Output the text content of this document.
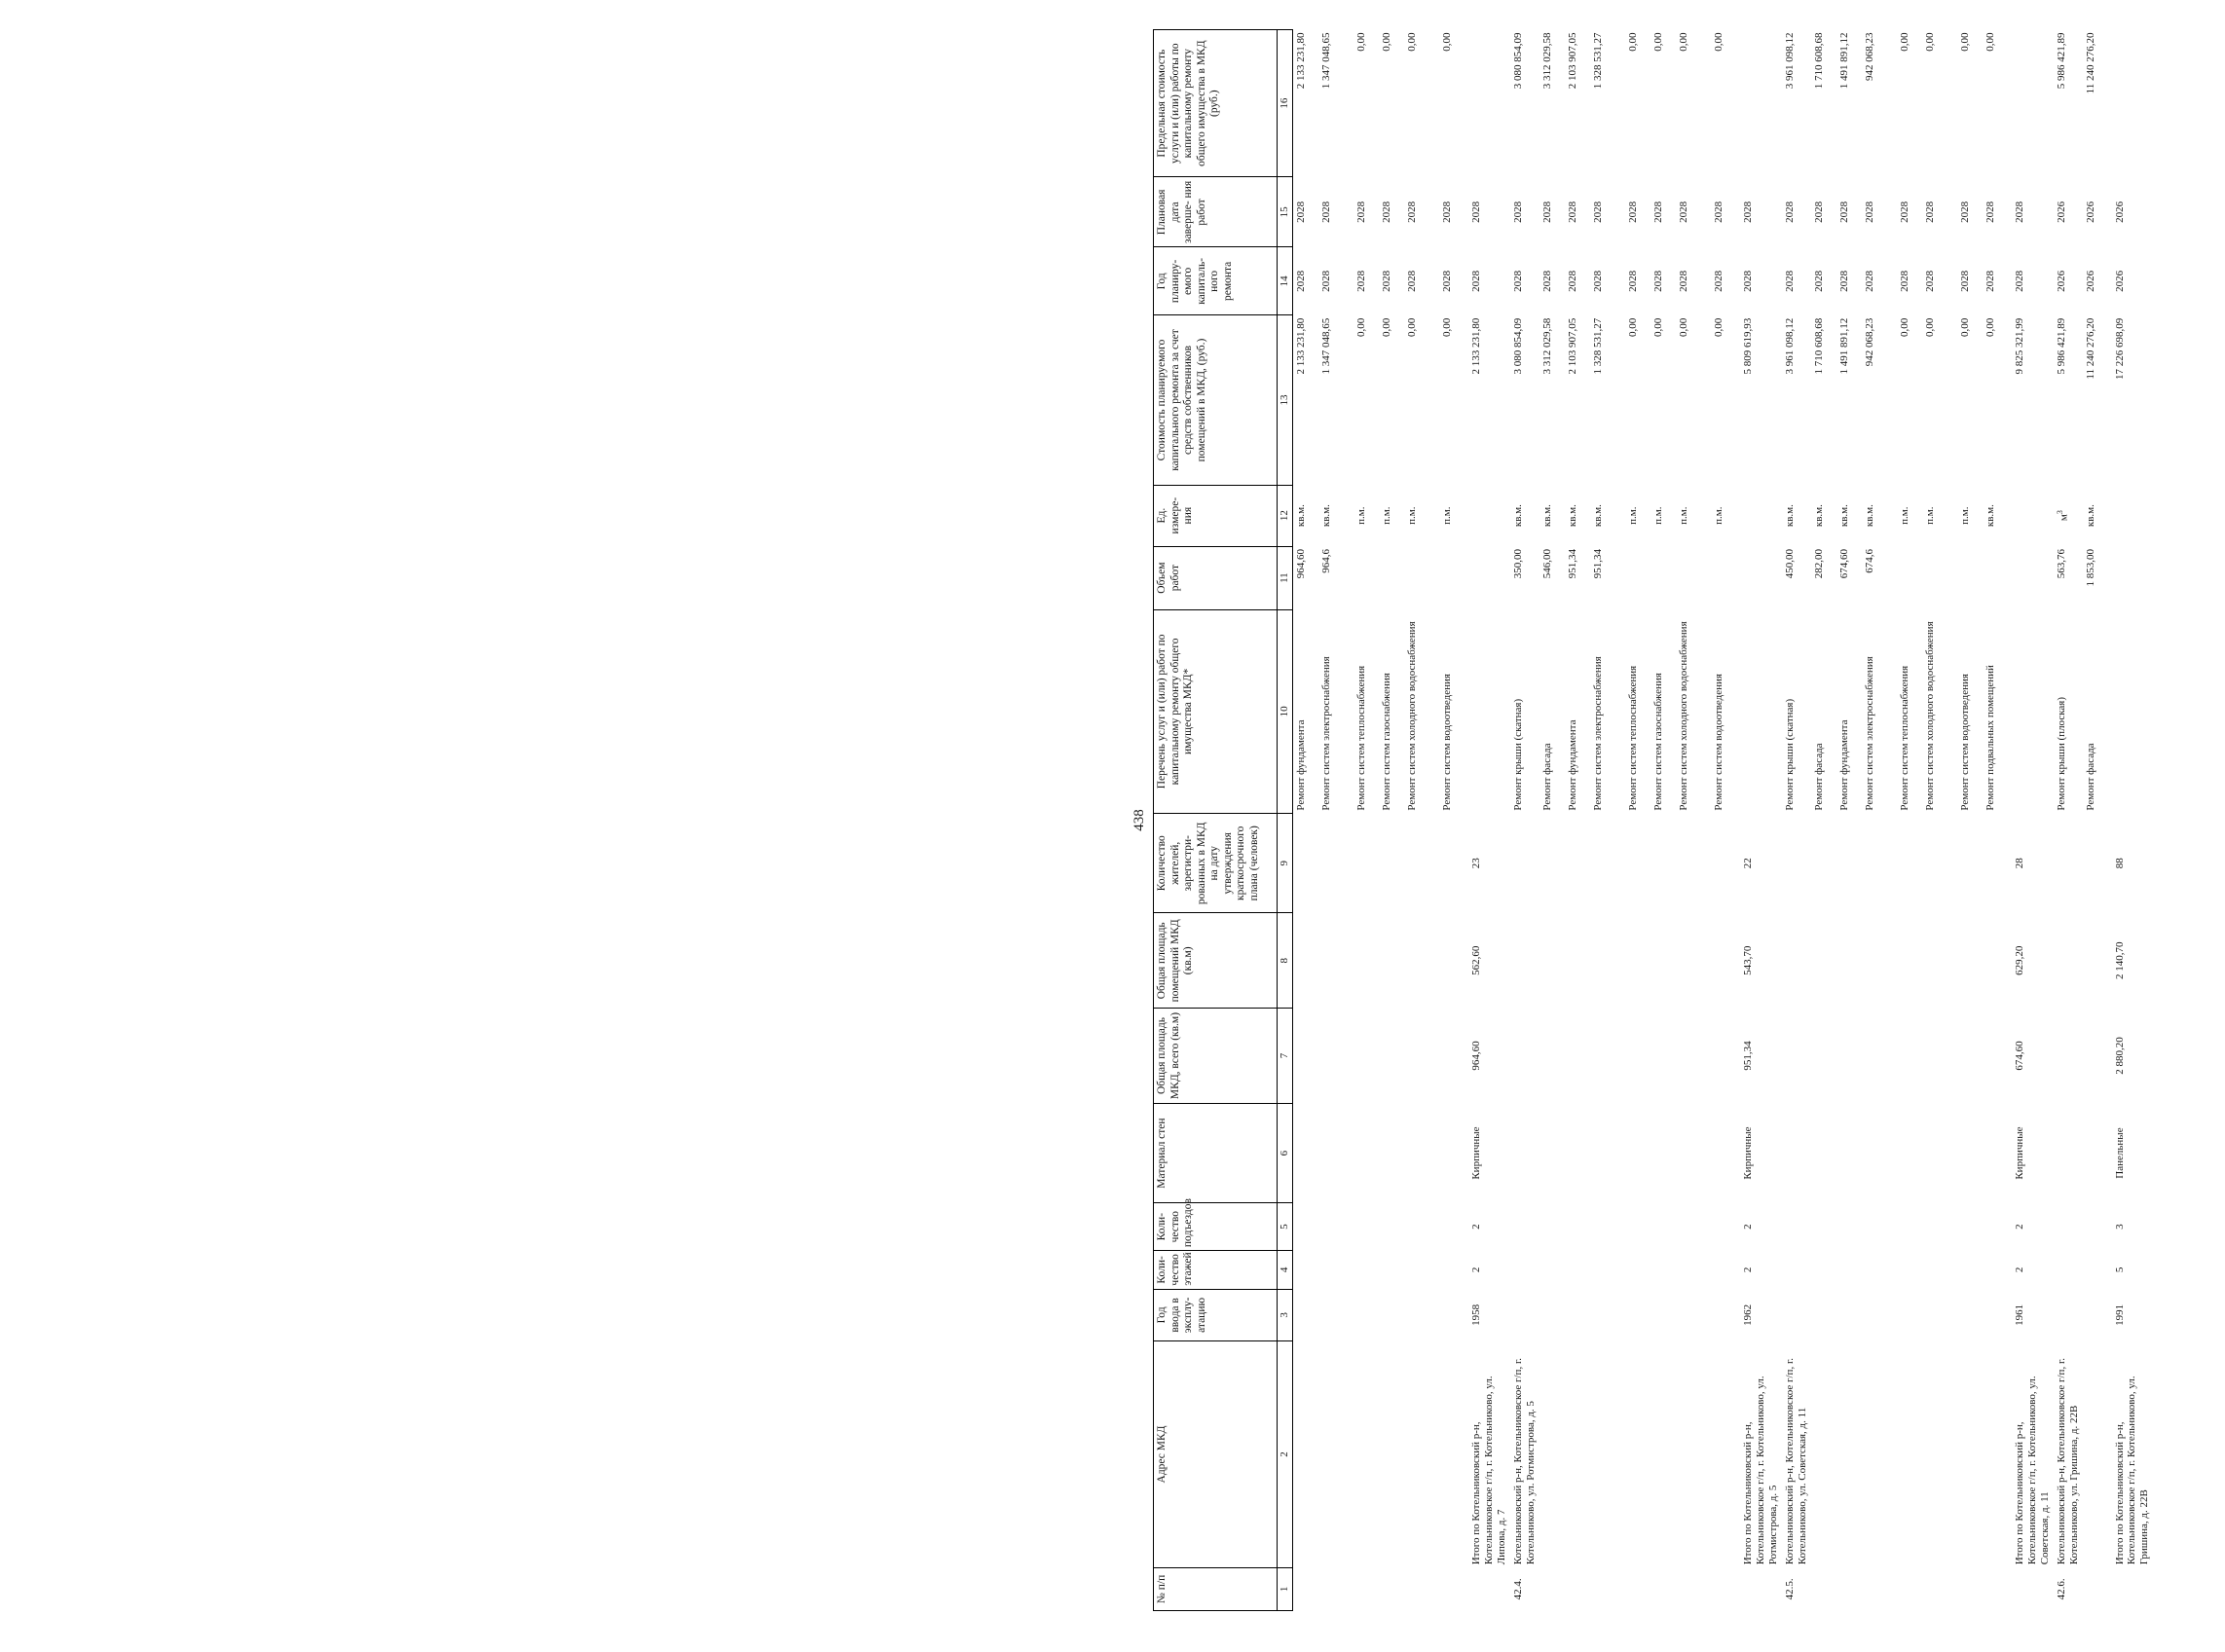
438
№ п/п	Адрес МКД	Год ввода в эксплу- атацию	Коли- чество этажей	Коли- чество подъездов	Материал стен	Общая площадь МКД, всего (кв.м)	Общая площадь помещений МКД (кв.м)	Количество жителей, зарегистри- рованных в МКД на дату утверждения краткосрочного плана (человек)	Перечень услуг и (или) работ по капитальному ремонту общего имущества МКД*	Объем работ	Ед. измере- ния	Стоимость планируемого капитального ремонта за счет средств собственников помещений в МКД, (руб.)	Год планиру- емого капиталь- ного ремонта	Плановая дата заверше- ния работ	Предельная стоимость услуги и (или) работы по капитальному ремонту общего имущества в МКД (руб.)
1	2	3	4	5	6	7	8	9	10	11	12	13	14	15	16
									Ремонт фундамента	964,60	кв.м.	2 133 231,80	2028	2028	2 133 231,80
									Ремонт систем электроснабжения	964,6	кв.м.	1 347 048,65	2028	2028	1 347 048,65
									Ремонт систем теплоснабжения		п.м.	0,00	2028	2028	0,00
									Ремонт систем газоснабжения		п.м.	0,00	2028	2028	0,00
									Ремонт систем холодного водоснабжения		п.м.	0,00	2028	2028	0,00
									Ремонт систем водоотведения		п.м.	0,00	2028	2028	0,00
	Итого по Котельниковский р-н, Котельниковское г/п, г. Котельниково, ул. Липова, д. 7	1958	2	2	Кирпичные	964,60	562,60	23				2 133 231,80	2028	2028	
42.4.	Котельниковский р-н, Котельниковское г/п, г. Котельниково, ул. Ротмистрова, д. 5								Ремонт крыши (скатная)	350,00	кв.м.	3 080 854,09	2028	2028	3 080 854,09
									Ремонт фасада	546,00	кв.м.	3 312 029,58	2028	2028	3 312 029,58
									Ремонт фундамента	951,34	кв.м.	2 103 907,05	2028	2028	2 103 907,05
									Ремонт систем электроснабжения	951,34	кв.м.	1 328 531,27	2028	2028	1 328 531,27
									Ремонт систем теплоснабжения		п.м.	0,00	2028	2028	0,00
									Ремонт систем газоснабжения		п.м.	0,00	2028	2028	0,00
									Ремонт систем холодного водоснабжения		п.м.	0,00	2028	2028	0,00
									Ремонт систем водоотведения		п.м.	0,00	2028	2028	0,00
	Итого по Котельниковский р-н, Котельниковское г/п, г. Котельниково, ул. Ротмистрова, д. 5	1962	2	2	Кирпичные	951,34	543,70	22				5 809 619,93	2028	2028	
42.5.	Котельниковский р-н, Котельниковское г/п, г. Котельниково, ул. Советская, д. 11								Ремонт крыши (скатная)	450,00	кв.м.	3 961 098,12	2028	2028	3 961 098,12
									Ремонт фасада	282,00	кв.м.	1 710 608,68	2028	2028	1 710 608,68
									Ремонт фундамента	674,60	кв.м.	1 491 891,12	2028	2028	1 491 891,12
									Ремонт систем электроснабжения	674,6	кв.м.	942 068,23	2028	2028	942 068,23
									Ремонт систем теплоснабжения		п.м.	0,00	2028	2028	0,00
									Ремонт систем холодного водоснабжения		п.м.	0,00	2028	2028	0,00
									Ремонт систем водоотведения		п.м.	0,00	2028	2028	0,00
									Ремонт подвальных помещений		кв.м.	0,00	2028	2028	0,00
	Итого по Котельниковский р-н, Котельниковское г/п, г. Котельниково, ул. Советская, д. 11	1961	2	2	Кирпичные	674,60	629,20	28				9 825 321,99	2028	2028	
42.6.	Котельниковский р-н, Котельниковское г/п, г. Котельниково, ул. Гришина, д. 22В								Ремонт крыши (плоская)	563,76	$м^3$	5 986 421,89	2026	2026	5 986 421,89
									Ремонт фасада	1 853,00	кв.м.	11 240 276,20	2026	2026	11 240 276,20
	Итого по Котельниковский р-н, Котельниковское г/п, г. Котельниково, ул. Гришина, д. 22В	1991	5	3	Панельные	2 880,20	2 140,70	88				17 226 698,09	2026	2026	
